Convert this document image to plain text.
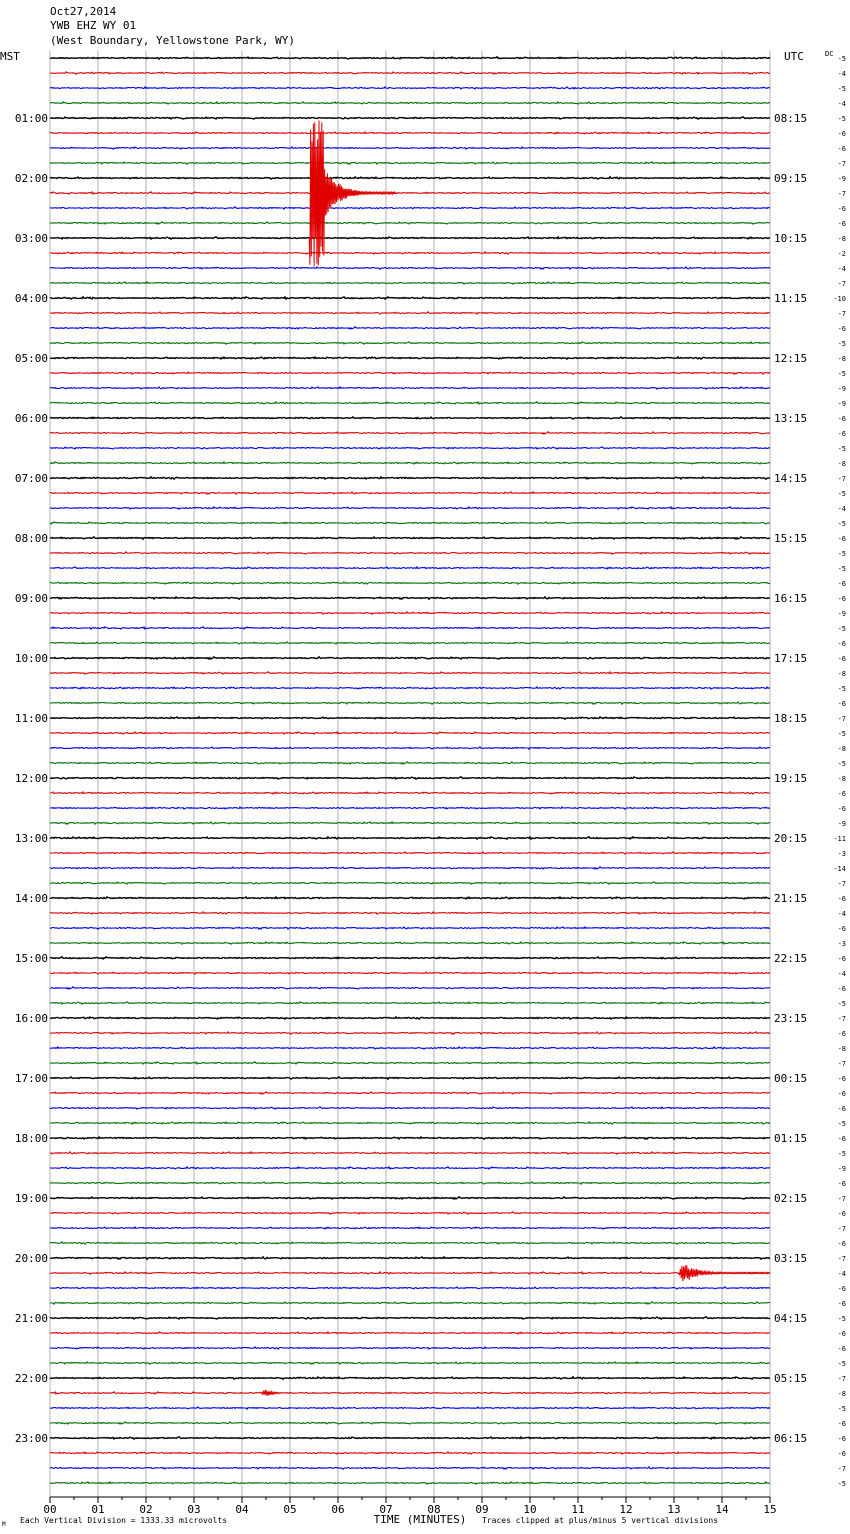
Oct27,2014
YWB EHZ WY 01
(West Boundary, Yellowstone Park, WY)
00	01	02	03	04	05	06	07	08	09	10	11	12	13	14	15
-5
-4
-5
-4
-5
-6
-6
-7
-9
-7
-6
-6
-8
-2
-4
-7
-10
-7
-6
-5
-8
-5
-9
-9
-6
-6
-5
-8
-7
-5
-4
-5
-6
-5
-5
-6
-6
-9
-5
-6
-6
-8
-5
-6
-7
-5
-8
-5
-8
-6
-6
-9
-11
-3
-14
-7
-6
-4
-6
-3
-6
-4
-6
-5
-7
-6
-8
-7
-6
-6
-6
-5
-6
-5
-9
-6
-7
-6
-7
-6
-7
-4
-6
-6
-5
-6
-6
-5
-7
-8
-5
-6
-6
-6
-7
-5
01:00
02:00
03:00
04:00
05:00
06:00
07:00
08:00
09:00
10:00
11:00
12:00
13:00
14:00
15:00
16:00
17:00
18:00
19:00
20:00
21:00
22:00
23:00
08:15
09:15
10:15
11:15
12:15
13:15
14:15
15:15
16:15
17:15
18:15
19:15
20:15
21:15
22:15
23:15
00:15
01:15
02:15
03:15
04:15
05:15
06:15
MST	UTC	DC
TIME (MINUTES)
Each Vertical Division = 1333.33 microvolts	Traces clipped at plus/minus 5 vertical divisions
M
